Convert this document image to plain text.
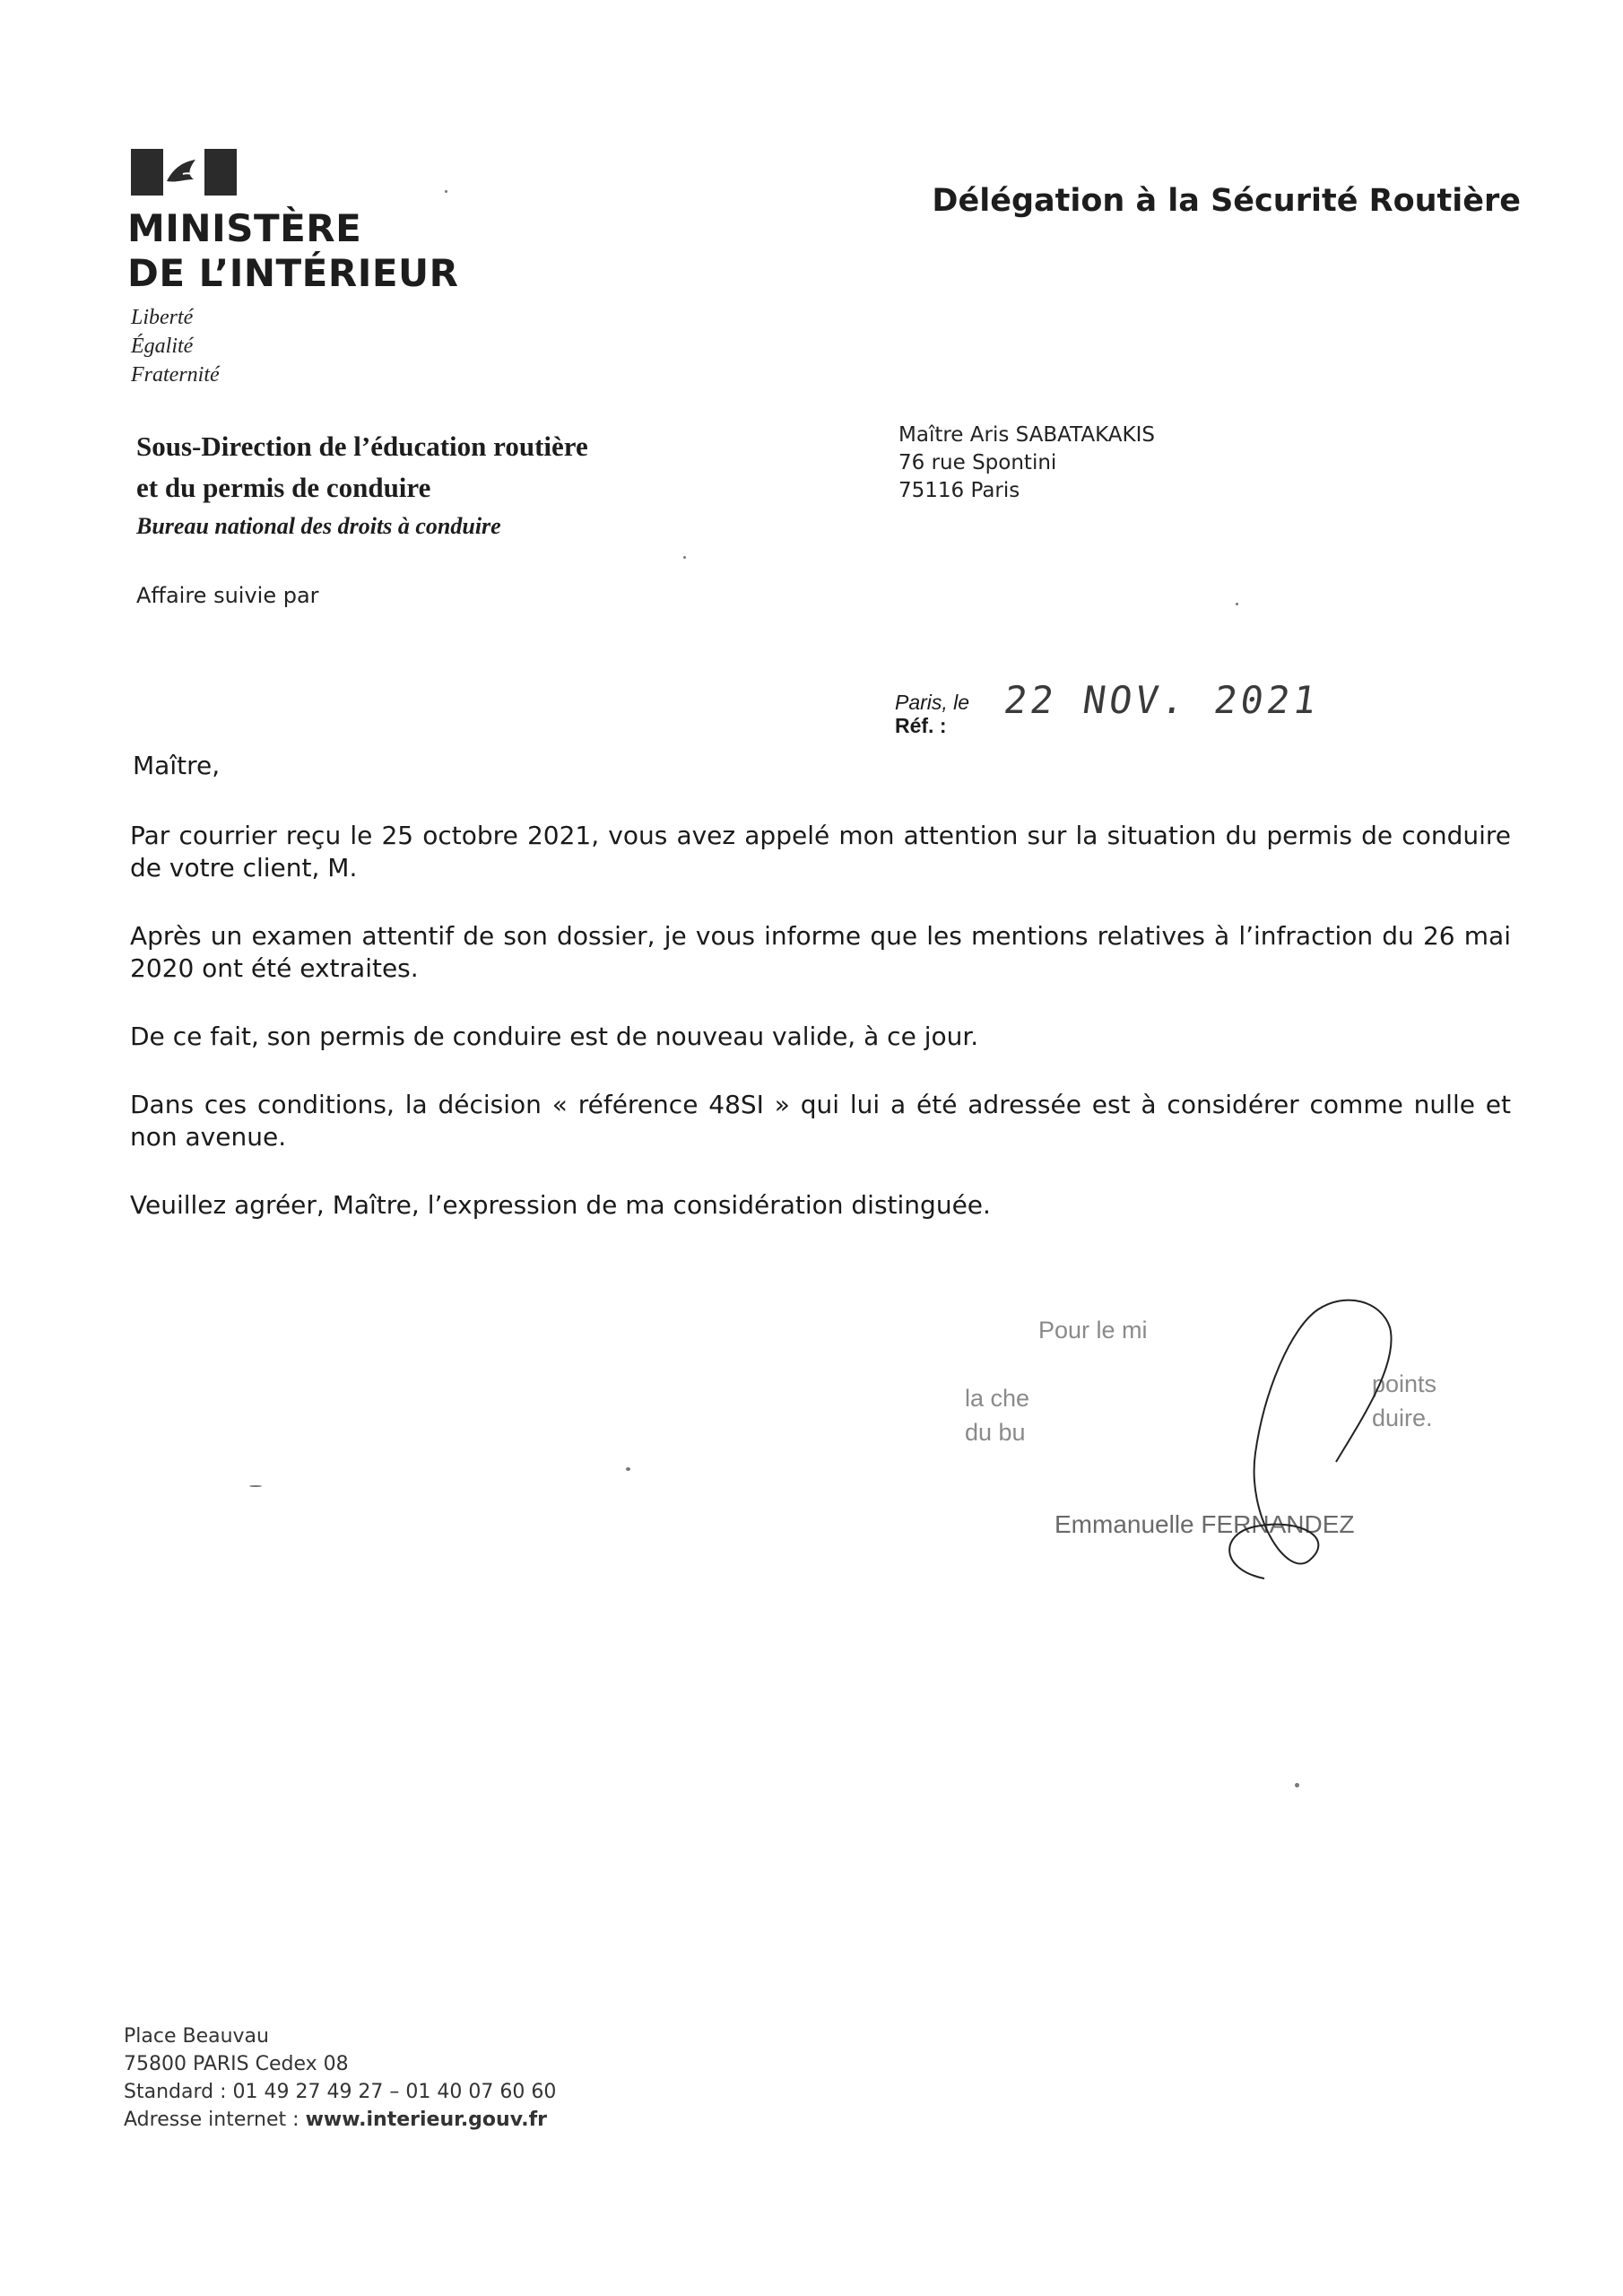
MINISTÈRE
DE L’INTÉRIEUR
Liberté
Égalité
Fraternité
Délégation à la Sécurité Routière
Sous-Direction de l’éducation routière
et du permis de conduire
Bureau national des droits à conduire
Affaire suivie par
Maître Aris SABATAKAKIS
76 rue Spontini
75116 Paris
Paris, le
Réf. :
22 NOV. 2021
Maître,
Par courrier reçu le 25 octobre 2021, vous avez appelé mon attention sur la situation du permis de conduire de votre client, M.
Après un examen attentif de son dossier, je vous informe que les mentions relatives à l’infraction du 26 mai 2020 ont été extraites.
De ce fait, son permis de conduire est de nouveau valide, à ce jour.
Dans ces conditions, la décision « référence 48SI » qui lui a été adressée est à considérer comme nulle et non avenue.
Veuillez agréer, Maître, l’expression de ma considération distinguée.
Pour le mi
la che
points
du bu
duire.
Emmanuelle FERNANDEZ
Place Beauvau
75800 PARIS Cedex 08
Standard : 01 49 27 49 27 – 01 40 07 60 60
Adresse internet : www.interieur.gouv.fr
